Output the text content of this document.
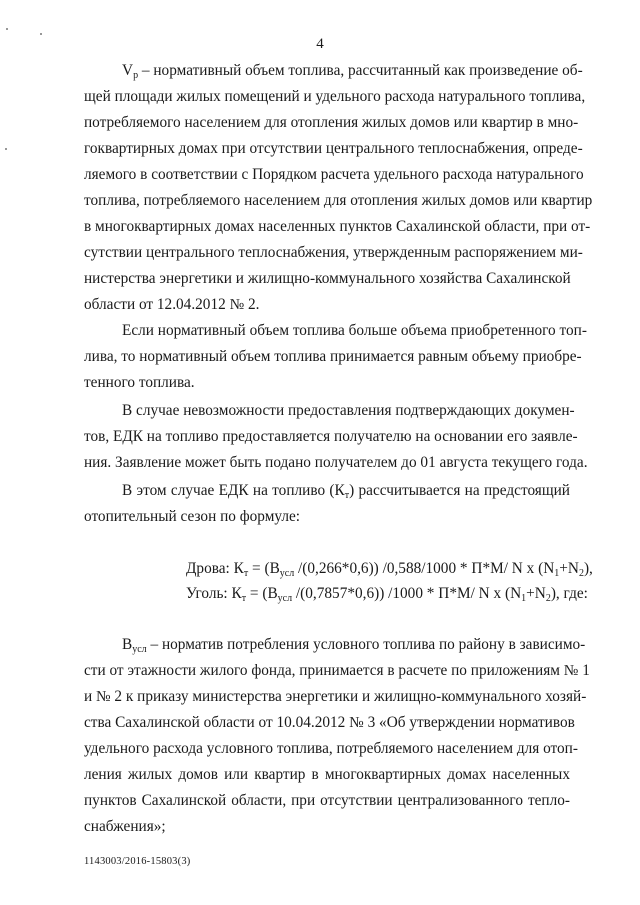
4
$V_р$ – нормативный объем топлива, рассчитанный как произведение об-
щей площади жилых помещений и удельного расхода натурального топлива,
потребляемого населением для отопления жилых домов или квартир в мно-
гоквартирных домах при отсутствии центрального теплоснабжения, опреде-
ляемого в соответствии с Порядком расчета удельного расхода натурального
топлива, потребляемого населением для отопления жилых домов или квартир
в многоквартирных домах населенных пунктов Сахалинской области, при от-
сутствии центрального теплоснабжения, утвержденным распоряжением ми-
нистерства энергетики и жилищно-коммунального хозяйства Сахалинской
области от 12.04.2012 № 2.
Если нормативный объем топлива больше объема приобретенного топ-
лива, то нормативный объем топлива принимается равным объему приобре-
тенного топлива.
В случае невозможности предоставления подтверждающих докумен-
тов, ЕДК на топливо предоставляется получателю на основании его заявле-
ния. Заявление может быть подано получателем до 01 августа текущего года.
В этом случае ЕДК на топливо $(К_т)$ рассчитывается на предстоящий
отопительный сезон по формуле:
Дрова: $К_т = (В_{усл}$ /(0,266*0,6)) /0,588/1000 * П*М/ N x $(N_1+N_2)$,
Уголь: $К_т = (В_{усл}$ /(0,7857*0,6)) /1000 * П*М/ N x $(N_1+N_2)$, где:
$В_{усл}$ – норматив потребления условного топлива по району в зависимо-
сти от этажности жилого фонда, принимается в расчете по приложениям № 1
и № 2 к приказу министерства энергетики и жилищно-коммунального хозяй-
ства Сахалинской области от 10.04.2012 № 3 «Об утверждении нормативов
удельного расхода условного топлива, потребляемого населением для отоп-
ления жилых домов или квартир в многоквартирных домах населенных
пунктов Сахалинской области, при отсутствии централизованного тепло-
снабжения»;
1143003/2016-15803(3)
